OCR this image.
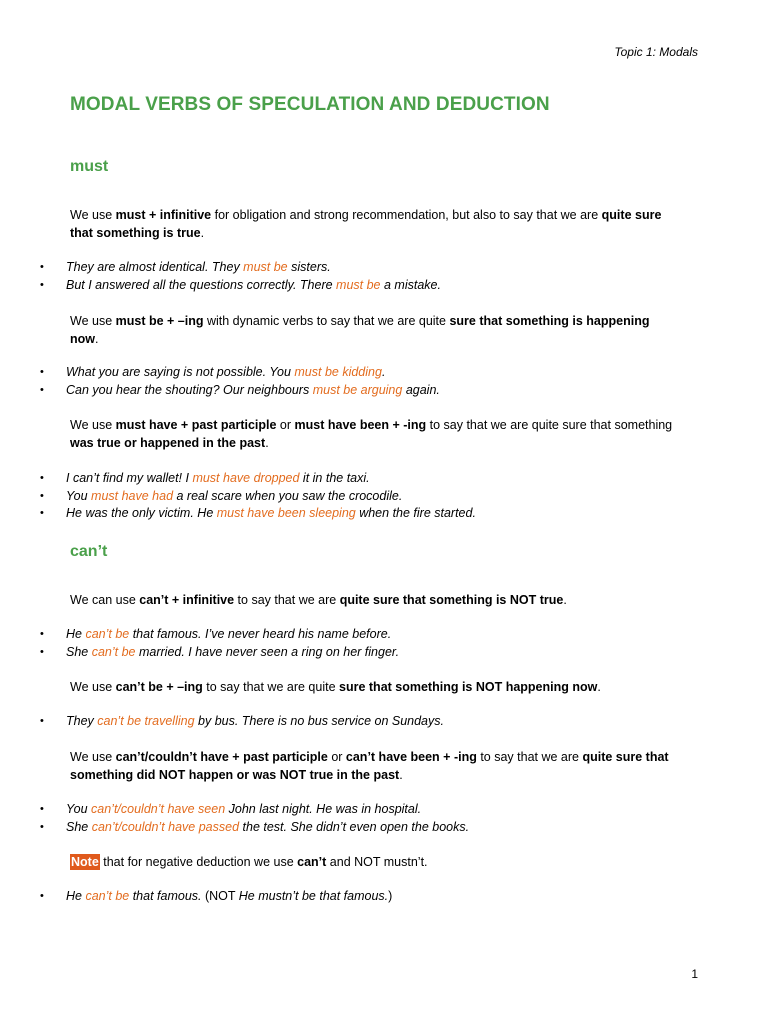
Topic 1: Modals
MODAL VERBS OF SPECULATION AND DEDUCTION
must

We use must + infinitive for obligation and strong recommendation, but also to say that we are quite sure that something is true.

• They are almost identical. They must be sisters.
• But I answered all the questions correctly. There must be a mistake.

We use must be + –ing with dynamic verbs to say that we are quite sure that something is happening now.

• What you are saying is not possible. You must be kidding.
• Can you hear the shouting? Our neighbours must be arguing again.

We use must have + past participle or must have been + -ing to say that we are quite sure that something was true or happened in the past.

• I can’t find my wallet! I must have dropped it in the taxi.
• You must have had a real scare when you saw the crocodile.
• He was the only victim. He must have been sleeping when the fire started.
can’t

We can use can’t + infinitive to say that we are quite sure that something is NOT true.

• He can’t be that famous. I’ve never heard his name before.
• She can’t be married. I have never seen a ring on her finger.

We use can’t be + –ing to say that we are quite sure that something is NOT happening now.

• They can’t be travelling by bus. There is no bus service on Sundays.

We use can’t/couldn’t have + past participle or can’t have been + -ing to say that we are quite sure that something did NOT happen or was NOT true in the past.

• You can’t/couldn’t have seen John last night. He was in hospital.
• She can’t/couldn’t have passed the test. She didn’t even open the books.

Note that for negative deduction we use can’t and NOT mustn’t.

• He can’t be that famous. (NOT He mustn’t be that famous.)
1
